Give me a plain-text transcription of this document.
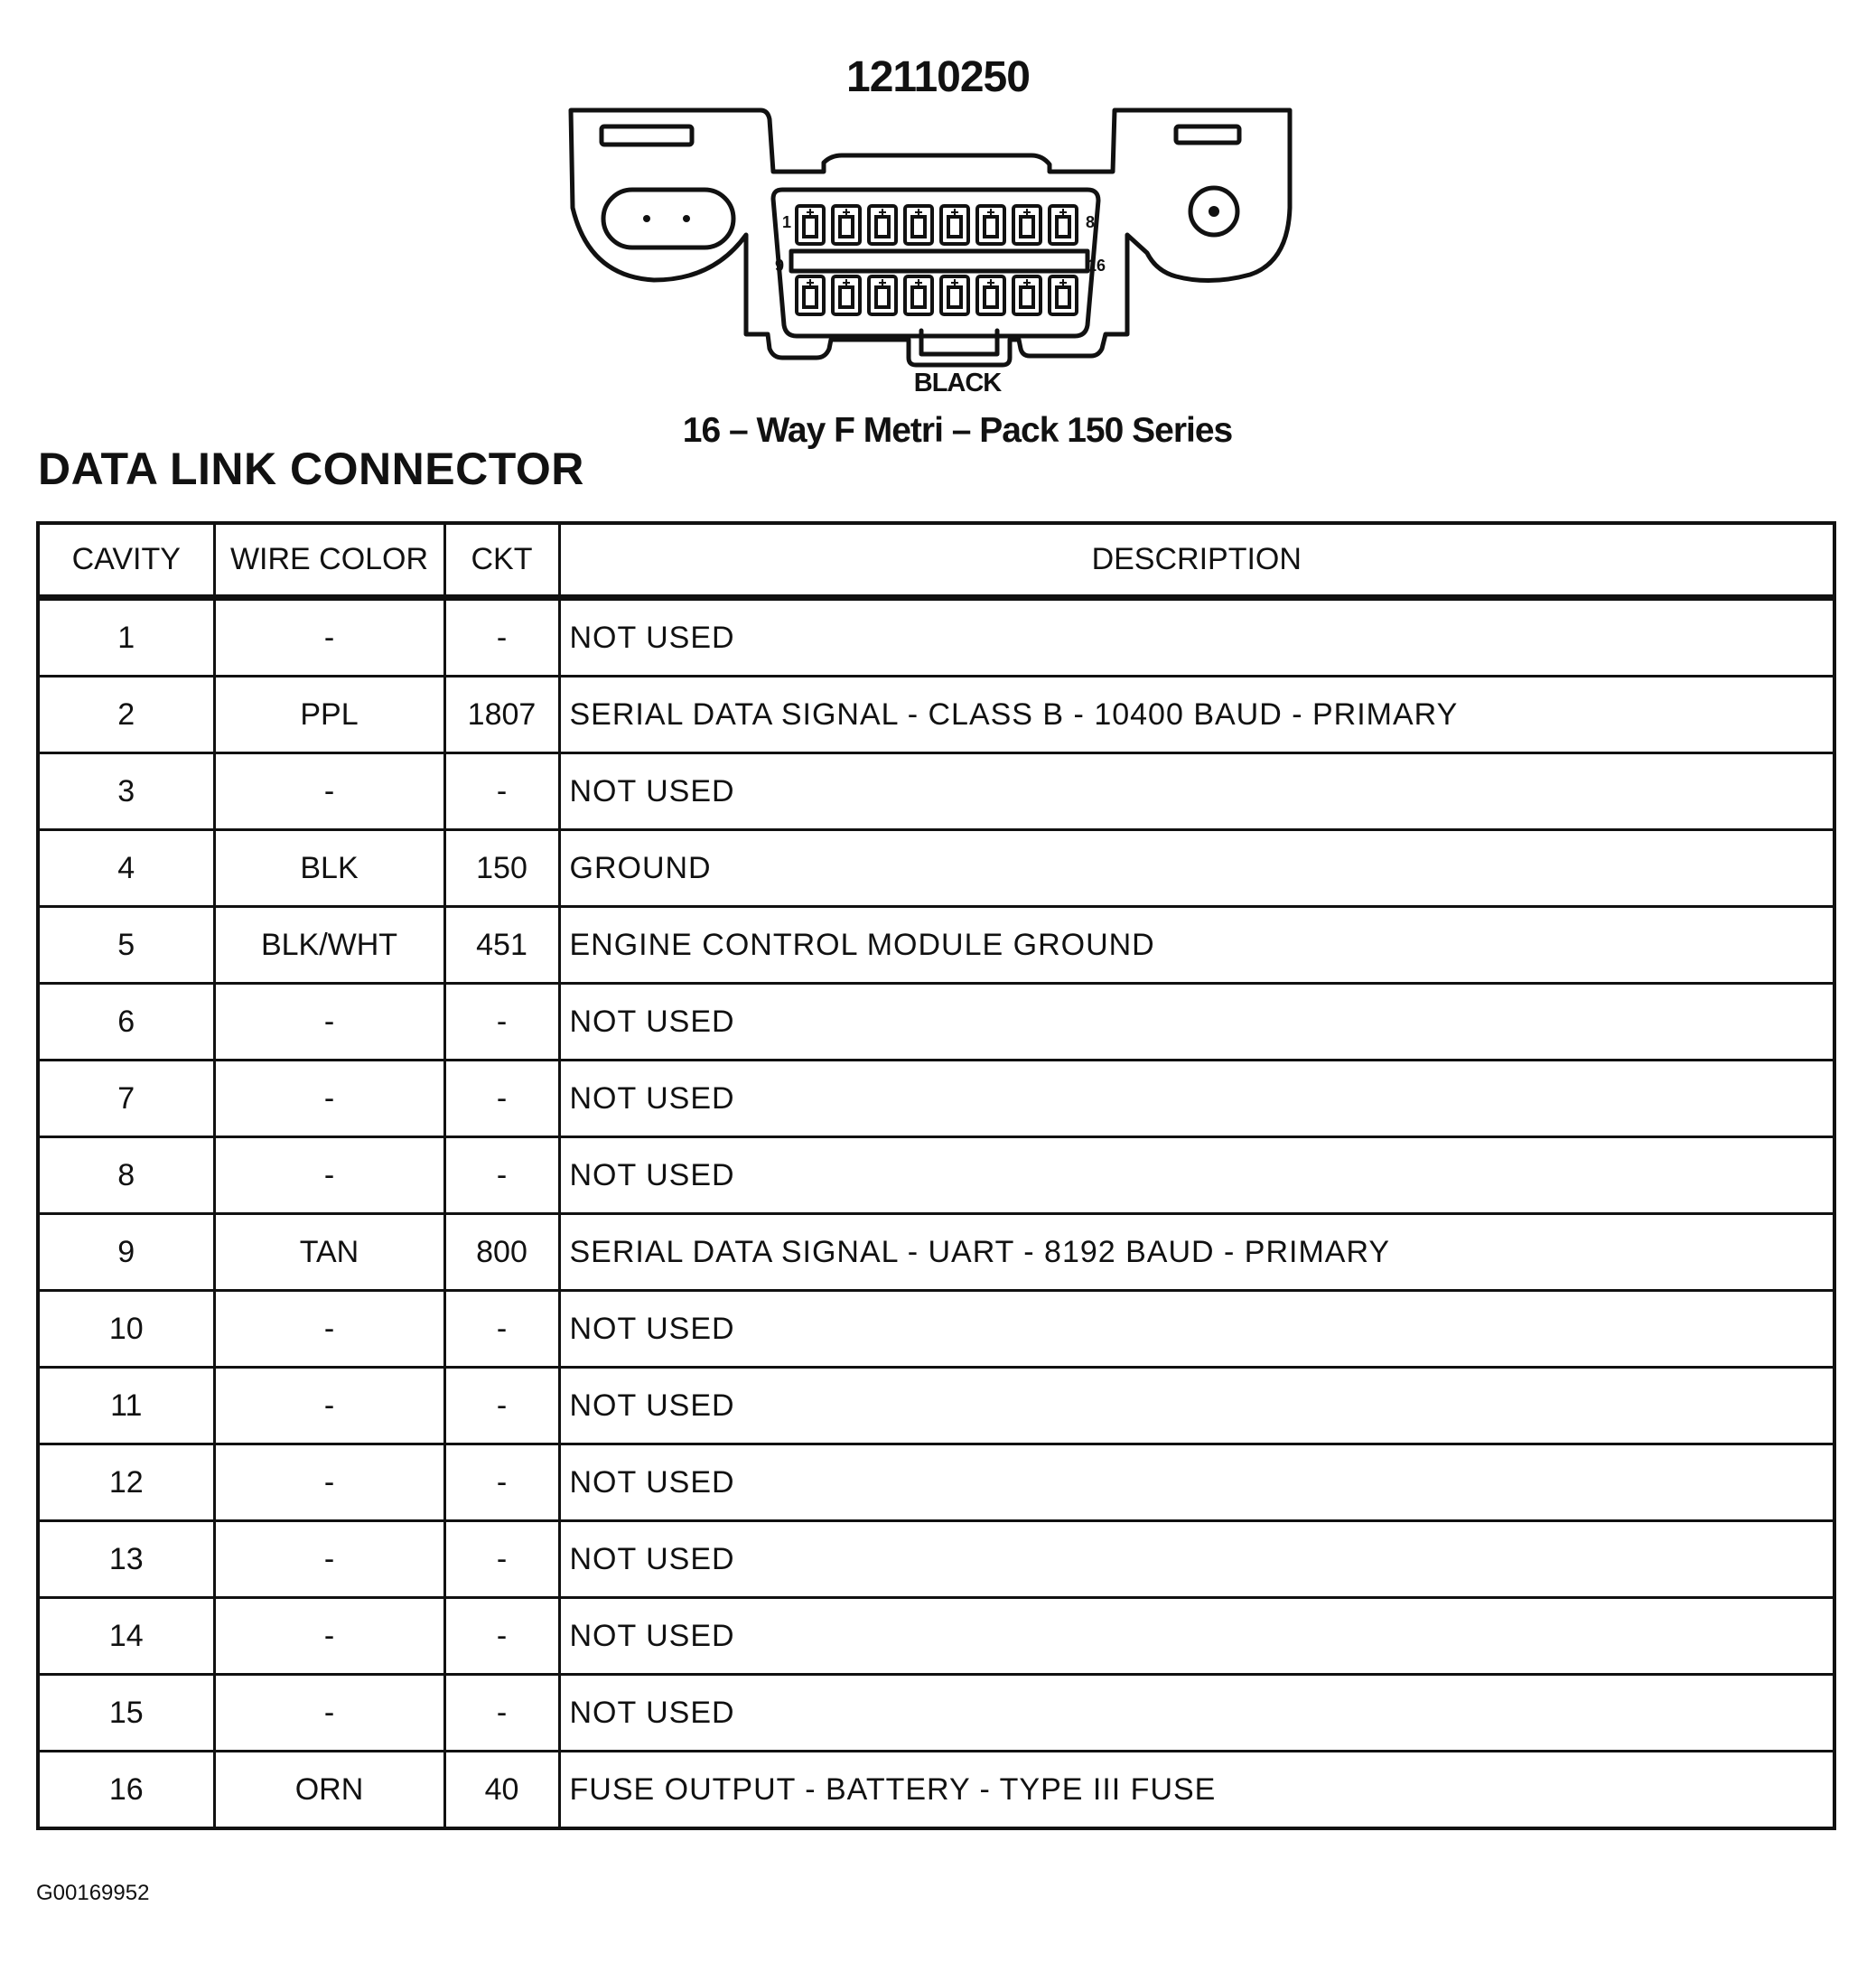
12110250
1	8
9	16
BLACK
16 – Way F Metri – Pack 150 Series
DATA LINK CONNECTOR
CAVITY	WIRE COLOR	CKT	DESCRIPTION
1	-	-	NOT USED
2	PPL	1807	SERIAL DATA SIGNAL - CLASS B - 10400 BAUD - PRIMARY
3	-	-	NOT USED
4	BLK	150	GROUND
5	BLK/WHT	451	ENGINE CONTROL MODULE GROUND
6	-	-	NOT USED
7	-	-	NOT USED
8	-	-	NOT USED
9	TAN	800	SERIAL DATA SIGNAL - UART - 8192 BAUD - PRIMARY
10	-	-	NOT USED
11	-	-	NOT USED
12	-	-	NOT USED
13	-	-	NOT USED
14	-	-	NOT USED
15	-	-	NOT USED
16	ORN	40	FUSE OUTPUT - BATTERY - TYPE III FUSE
G00169952
